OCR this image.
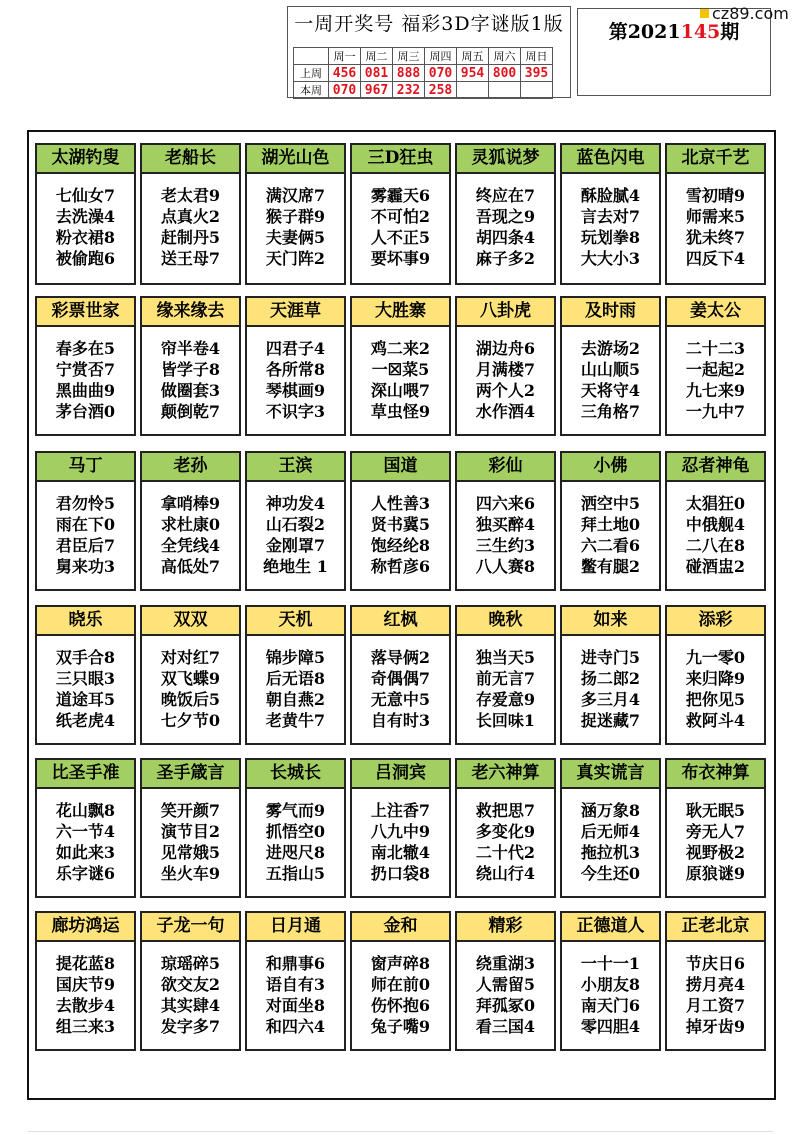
一周开奖号 福彩3D字谜版1版
	周一	周二	周三	周四	周五	周六	周日
上周	456	081	888	070	954	800	395
本周	070	967	232	258			
第2021145期
cz89.com
太湖钓叟
七仙女7
去洗澡4
粉衣裙8
被偷跑6
老船长
老太君9
点真火2
赶制丹5
送王母7
湖光山色
满汉席7
猴子群9
夫妻俩5
天门阵2
三D狂虫
雾霾天6
不可怕2
人不正5
要坏事9
灵狐说梦
终应在7
吾现之9
胡四条4
麻子多2
蓝色闪电
酥脸腻4
言去对7
玩划拳8
大大小3
北京千艺
雪初晴9
师需来5
犹未终7
四反下4
彩票世家
春多在5
宁赏否7
黑曲曲9
茅台酒0
缘来缘去
帘半卷4
皆学子8
做圈套3
颠倒乾7
天涯草
四君子4
各所常8
琴棋画9
不识字3
大胜寨
鸡二来2
一☒菜5
深山喂7
草虫怪9
八卦虎
湖边舟6
月满楼7
两个人2
水作酒4
及时雨
去游场2
山山顺5
天将守4
三角格7
姜太公
二十二3
一起起2
九七来9
一九中7
马丁
君勿怜5
雨在下0
君臣后7
舅来功3
老孙
拿哨棒9
求杜康0
全凭线4
高低处7
王滨
神功发4
山石裂2
金刚罩7
绝地生 1
国道
人性善3
贤书冀5
饱经纶8
称哲彦6
彩仙
四六来6
独买醉4
三生约3
八人赛8
小佛
洒空中5
拜土地0
六二看6
鳖有腿2
忍者神龟
太猖狂0
中俄舰4
二八在8
碰酒盅2
晓乐
双手合8
三只眼3
道途耳5
纸老虎4
双双
对对红7
双飞蝶9
晚饭后5
七夕节0
天机
锦步障5
后无语8
朝自燕2
老黄牛7
红枫
落导俩2
奇偶偶7
无意中5
自有时3
晚秋
独当天5
前无言7
存爱意9
长回味1
如来
进寺门5
扬二郎2
多三月4
捉迷藏7
添彩
九一零0
来归降9
把你见5
救阿斗4
比圣手准
花山飘8
六一节4
如此来3
乐字谜6
圣手箴言
笑开颜7
演节目2
见常娥5
坐火车9
长城长
雾气而9
抓悟空0
进咫尺8
五指山5
吕洞宾
上注香7
八九中9
南北辙4
扔口袋8
老六神算
救把思7
多变化9
二十代2
绕山行4
真实谎言
涵万象8
后无师4
拖拉机3
今生还0
布衣神算
耿无眠5
旁无人7
视野极2
原狼谜9
廊坊鸿运
提花蓝8
国庆节9
去散步4
组三来3
子龙一句
琼瑶碎5
欲交友2
其实肆4
发字多7
日月通
和鼎事6
语自有3
对面坐8
和四六4
金和
窗声碎8
师在前0
伤怀抱6
兔子嘴9
精彩
绕重湖3
人需留5
拜孤冢0
看三国4
正德道人
一十一1
小朋友8
南天门6
零四胆4
正老北京
节庆日6
捞月亮4
月工资7
掉牙齿9
